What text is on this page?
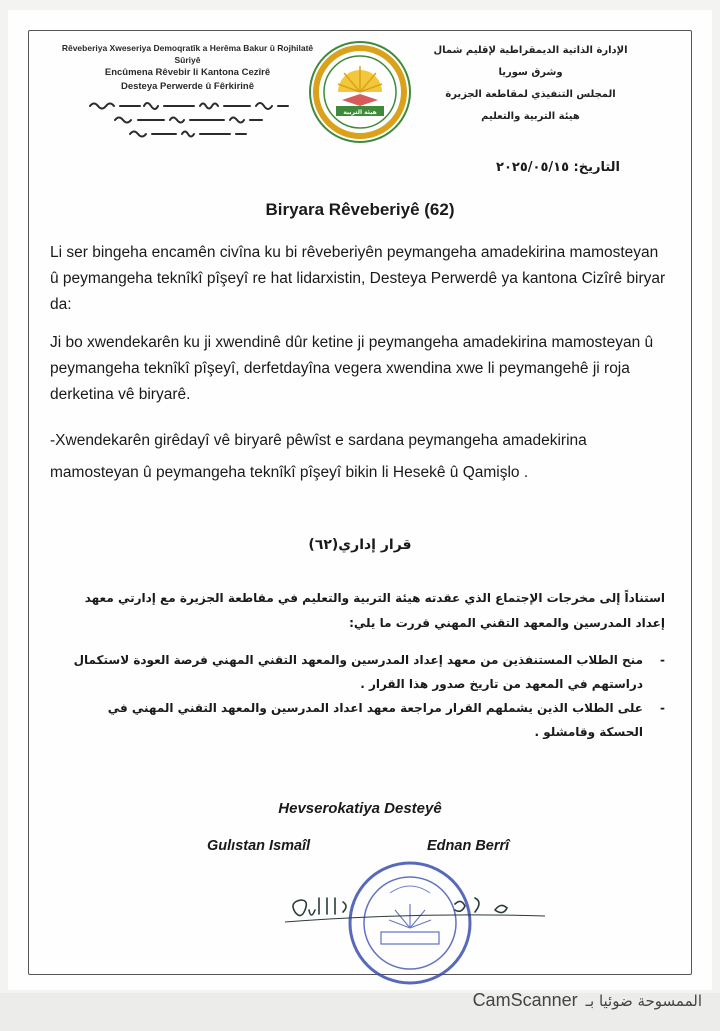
Rêveberiya Xweseriya Demoqratîk a Herêma Bakur û Rojhilatê Sûriyê
Encûmena Rêvebir li Kantona Cezîrê
Desteya Perwerde û Fêrkirinê
هيئة التربية
الإدارة الذاتية الديمقراطية لإقليم شمال وشرق سوريا
المجلس التنفيذي لمقاطعة الجزيرة
هيئة التربية والتعليم
التاريخ: ٢٠٢٥/٠٥/١٥
Biryara Rêveberiyê (62)
Li ser bingeha encamên civîna ku bi rêveberiyên peymangeha amadekirina mamosteyan û peymangeha teknîkî pîşeyî re hat lidarxistin, Desteya Perwerdê ya kantona Cizîrê biryar da:
Ji bo xwendekarên ku ji xwendinê dûr ketine ji peymangeha amadekirina mamosteyan û peymangeha teknîkî pîşeyî, derfetdayîna vegera xwendina xwe li peymangehê ji roja derketina vê biryarê.
-Xwendekarên girêdayî vê biryarê pêwîst e sardana peymangeha amadekirina mamosteyan û peymangeha teknîkî pîşeyî bikin li Hesekê û Qamişlo .
قرار إداري(٦٢)
استناداً إلى مخرجات الإجتماع الذي عقدته هيئة التربية والتعليم في مقاطعة الجزيرة مع إدارتي معهد إعداد المدرسين والمعهد التقني المهني قررت ما يلي:
-
منح الطلاب المستنفذين من معهد إعداد المدرسين والمعهد التقني المهني فرصة العودة لاستكمال دراستهم في المعهد من تاريخ صدور هذا القرار .
-
على الطلاب الذين يشملهم القرار مراجعة معهد اعداد المدرسين والمعهد التقني المهني في الحسكة وقامشلو .
Hevserokatiya Desteyê
Gulıstan Ismaîl	Ednan Berrî
CamScanner الممسوحة ضوئيا بـ
